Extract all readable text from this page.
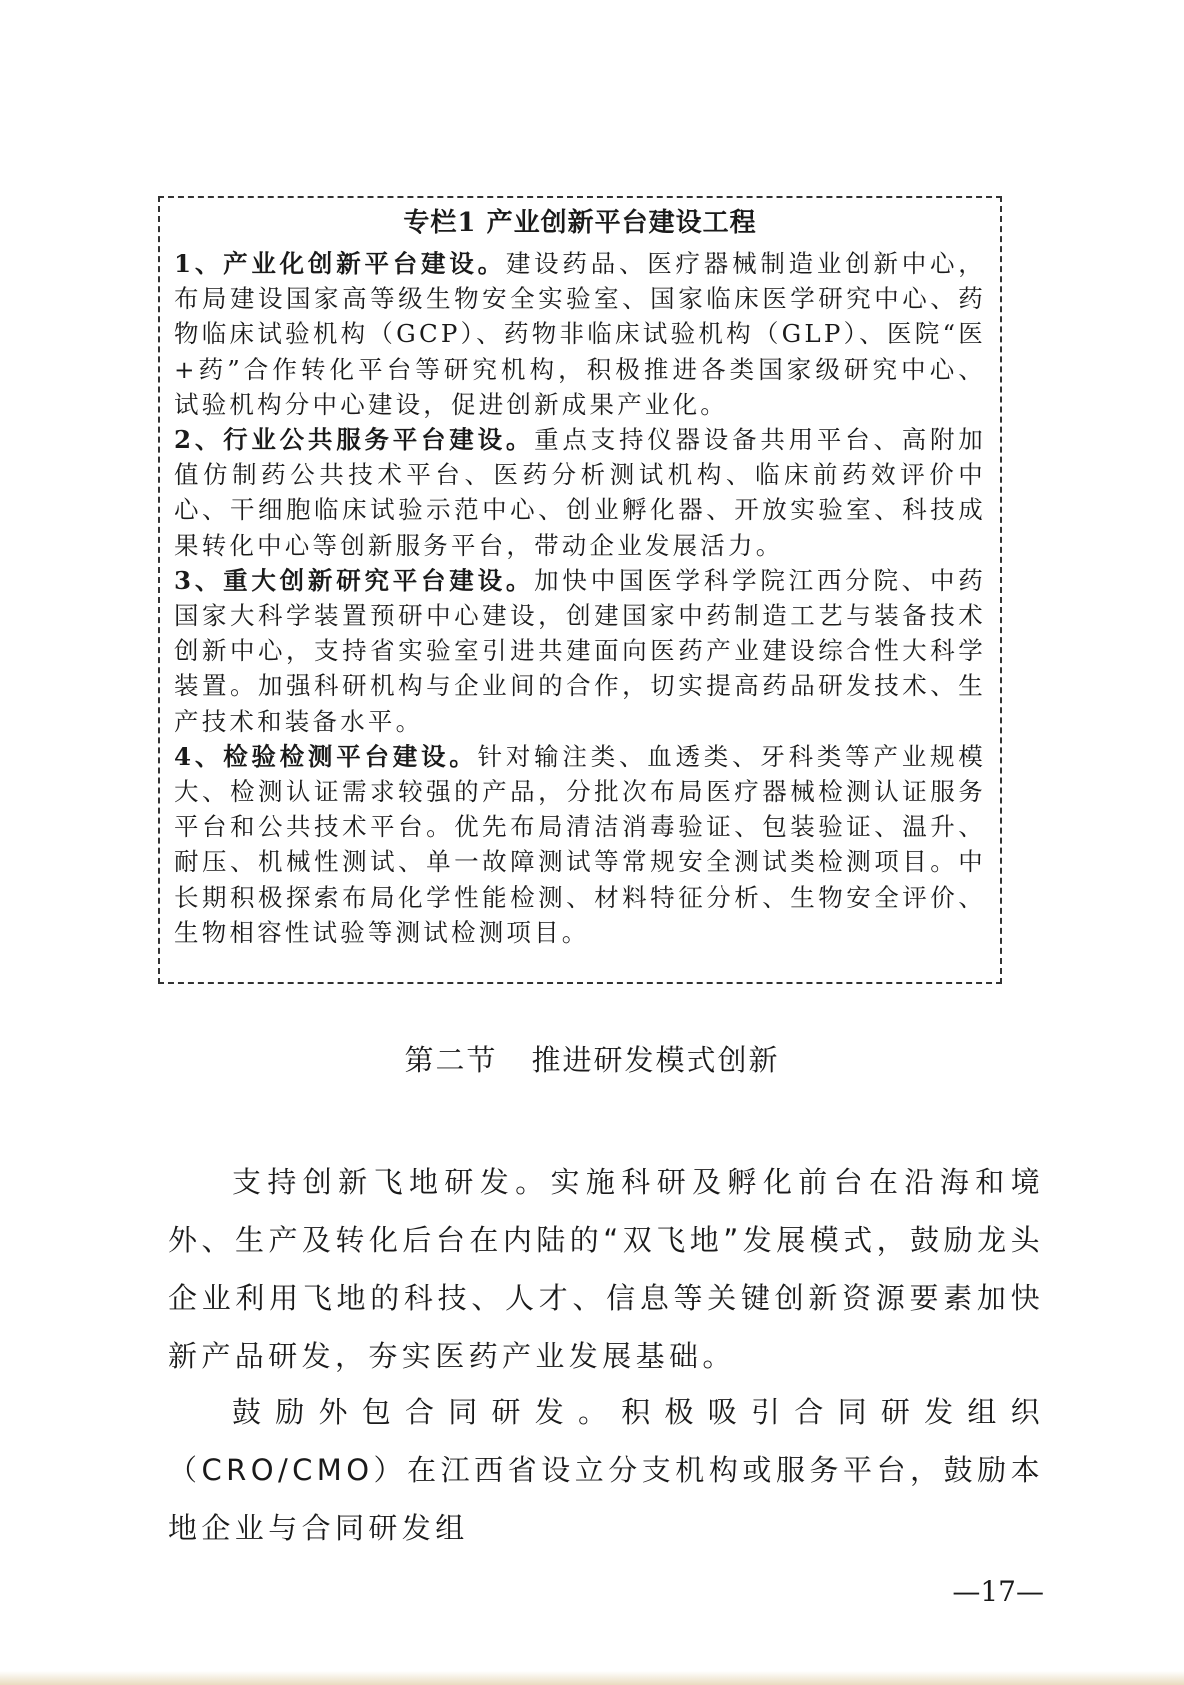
专栏1 产业创新平台建设工程
1、产业化创新平台建设。建设药品、医疗器械制造业创新中心，布局建设国家高等级生物安全实验室、国家临床医学研究中心、药物临床试验机构（GCP）、药物非临床试验机构（GLP）、医院“医+药”合作转化平台等研究机构，积极推进各类国家级研究中心、试验机构分中心建设，促进创新成果产业化。
2、行业公共服务平台建设。重点支持仪器设备共用平台、高附加值仿制药公共技术平台、医药分析测试机构、临床前药效评价中心、干细胞临床试验示范中心、创业孵化器、开放实验室、科技成果转化中心等创新服务平台，带动企业发展活力。
3、重大创新研究平台建设。加快中国医学科学院江西分院、中药国家大科学装置预研中心建设，创建国家中药制造工艺与装备技术创新中心，支持省实验室引进共建面向医药产业建设综合性大科学装置。加强科研机构与企业间的合作，切实提高药品研发技术、生产技术和装备水平。
4、检验检测平台建设。针对输注类、血透类、牙科类等产业规模大、检测认证需求较强的产品，分批次布局医疗器械检测认证服务平台和公共技术平台。优先布局清洁消毒验证、包装验证、温升、耐压、机械性测试、单一故障测试等常规安全测试类检测项目。中长期积极探索布局化学性能检测、材料特征分析、生物安全评价、生物相容性试验等测试检测项目。
第二节 推进研发模式创新
支持创新飞地研发。实施科研及孵化前台在沿海和境外、生产及转化后台在内陆的“双飞地”发展模式，鼓励龙头企业利用飞地的科技、人才、信息等关键创新资源要素加快新产品研发，夯实医药产业发展基础。
鼓励外包合同研发。积极吸引合同研发组织（CRO/CMO）在江西省设立分支机构或服务平台，鼓励本地企业与合同研发组
—17—
